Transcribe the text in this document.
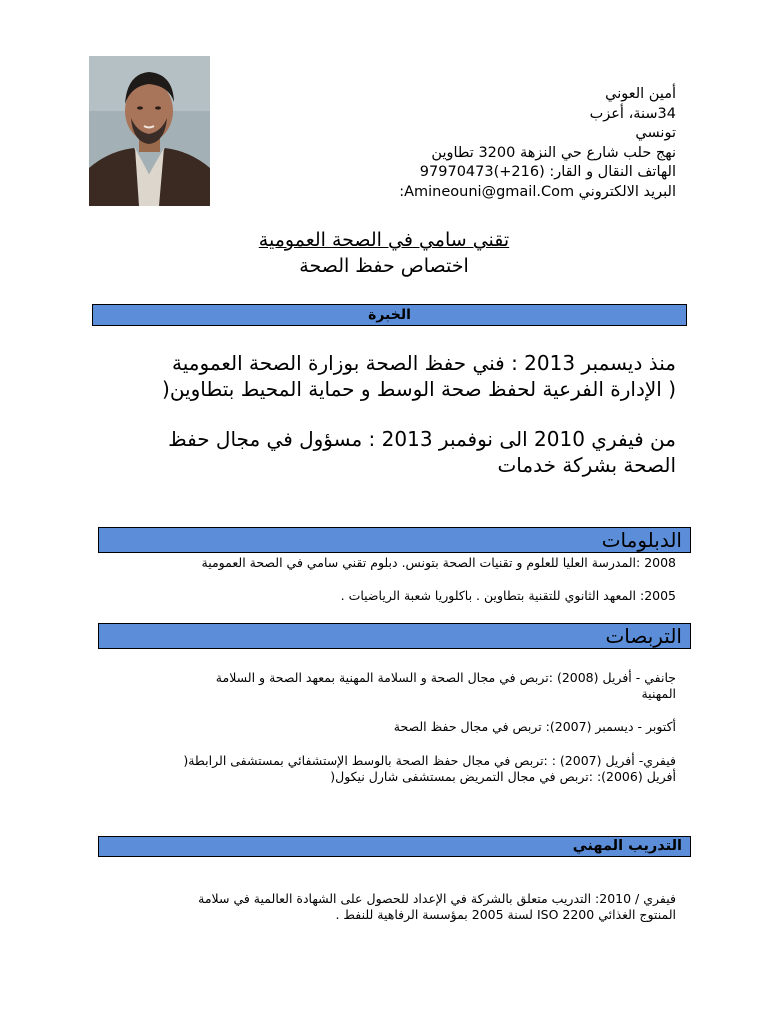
أمين العوني
34سنة، أعزب
تونسي
نهج حلب شارع حي النزهة 3200 تطاوين
الهاتف النقال و القار: (216+)97970473
البريد الالكتروني Amineouni@gmail.Com:
تقني سامي في الصحة العمومية
اختصاص حفظ الصحة
الخبرة
منذ ديسمبر 2013 : فني حفظ الصحة بوزارة الصحة العمومية
( الإدارة الفرعية لحفظ صحة الوسط و حماية المحيط بتطاوين(
من فيفري 2010 الى نوفمبر 2013 : مسؤول في مجال حفظ
الصحة بشركة خدمات
الدبلومات
2008 :المدرسة العليا للعلوم و تقنيات الصحة بتونس. دبلوم تقني سامي في الصحة العمومية
2005: المعهد الثانوي للتقنية بتطاوين . باكلوريا شعبة الرياضيات .
التربصات
جانفي - أفريل (2008) :تربص في مجال الصحة و السلامة المهنية بمعهد الصحة و السلامة
المهنية
أكتوبر - ديسمبر (2007): تربص في مجال حفظ الصحة
فيفري- أفريل (2007) : :تربص في مجال حفظ الصحة بالوسط الإستشفائي بمستشفى الرابطة(
أفريل (2006): :تربص في مجال التمريض بمستشفى شارل نيكول(
التدريب المهني
فيفري / 2010: التدريب متعلق بالشركة في الإعداد للحصول على الشهادة العالمية في سلامة
المنتوج الغذائي ISO 2200 لسنة 2005 بمؤسسة الرفاهية للنفط .
